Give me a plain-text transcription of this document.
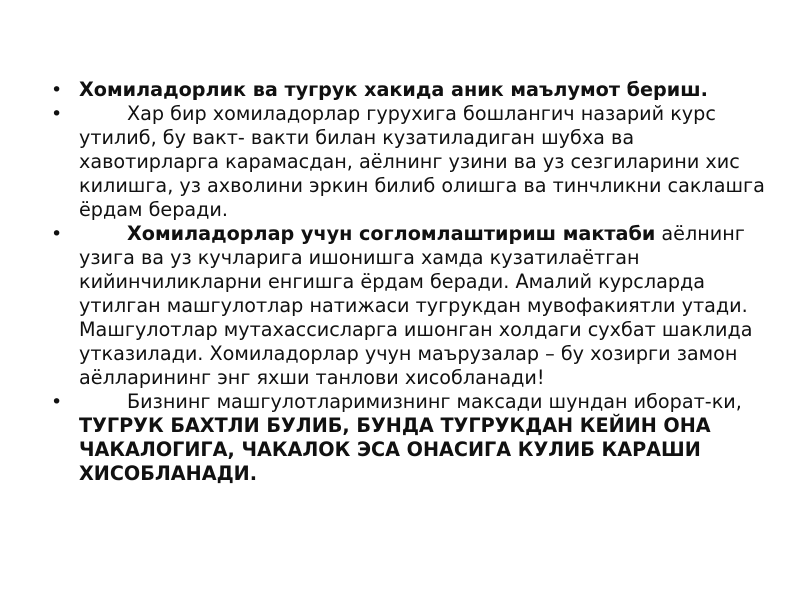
• Хомиладорлик ва тугрук хакида аник маълумот бериш.
•	Хар бир хомиладорлар гурухига бошлангич назарий курс утилиб, бу вакт- вакти билан кузатиладиган шубха ва хавотирларга карамасдан, аёлнинг узини ва уз сезгиларини хис килишга, уз ахволини эркин билиб олишга ва тинчликни саклашга ёрдам беради.
•	Хомиладорлар учун согломлаштириш мактаби аёлнинг узига ва уз кучларига ишонишга хамда кузатилаётган кийинчиликларни енгишга ёрдам беради. Амалий курсларда утилган машгулотлар натижаси тугрукдан мувофакиятли утади. Машгулотлар мутахассисларга ишонган холдаги сухбат шаклида утказилади. Хомиладорлар учун маърузалар – бу хозирги замон аёлларининг энг яхши танлови хисобланади!
•	Бизнинг машгулотларимизнинг максади шундан иборат-ки, ТУГРУК БАХТЛИ БУЛИБ, БУНДА ТУГРУКДАН КЕЙИН ОНА ЧАКАЛОГИГА, ЧАКАЛОК ЭСА ОНАСИГА КУЛИБ КАРАШИ ХИСОБЛАНАДИ.
